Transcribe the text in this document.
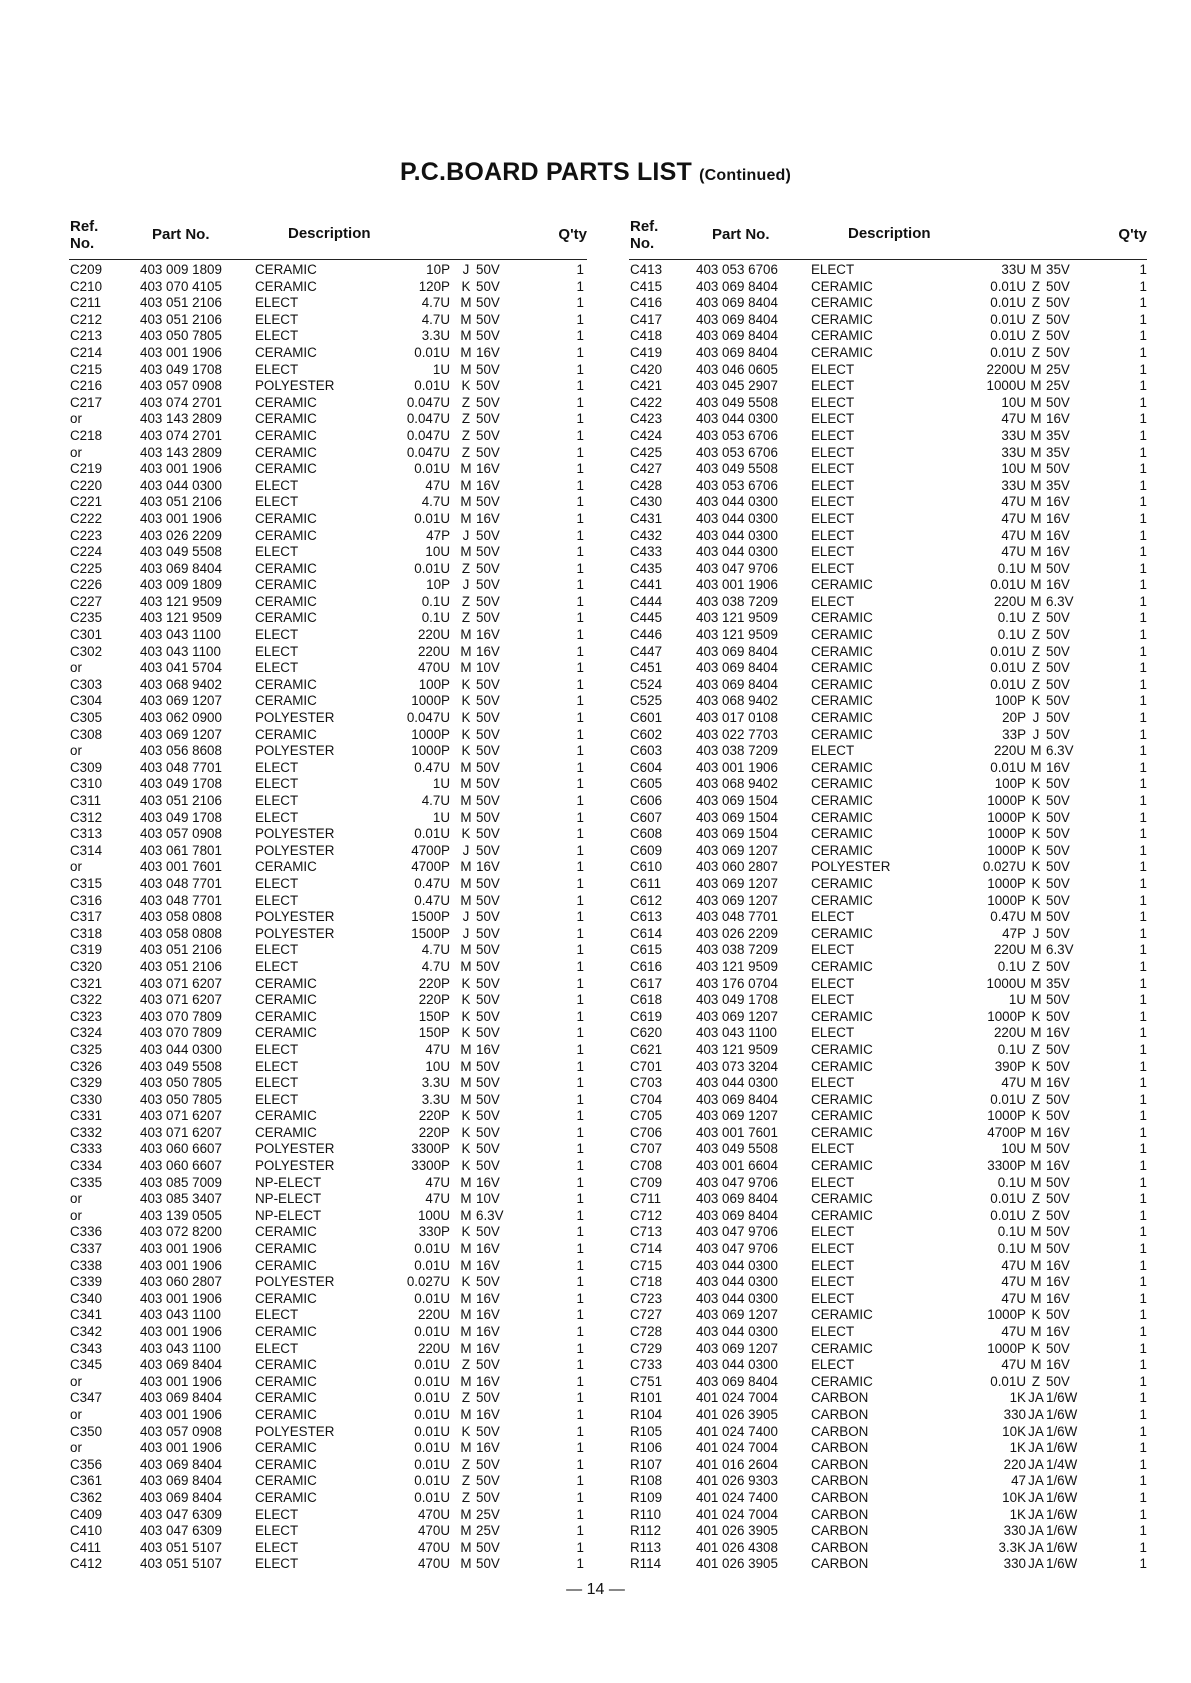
P.C.BOARD PARTS LIST (Continued)
Ref. No.
Part No.	Description	Q'ty
C209	403 009 1809 CERAMIC	10P J 50V	1
C210	403 070 4105 CERAMIC	120P K 50V	1
C211	403 051 2106 ELECT	4.7U M 50V	1
C212	403 051 2106 ELECT	4.7U M 50V	1
C213	403 050 7805 ELECT	3.3U M 50V	1
C214	403 001 1906 CERAMIC	0.01U M 16V	1
C215	403 049 1708 ELECT	1U M 50V	1
C216	403 057 0908 POLYESTER	0.01U K 50V	1
C217	403 074 2701 CERAMIC	0.047U Z 50V	1
or	403 143 2809 CERAMIC	0.047U Z 50V	1
C218	403 074 2701 CERAMIC	0.047U Z 50V	1
or	403 143 2809 CERAMIC	0.047U Z 50V	1
C219	403 001 1906 CERAMIC	0.01U M 16V	1
C220	403 044 0300 ELECT	47U M 16V	1
C221	403 051 2106 ELECT	4.7U M 50V	1
C222	403 001 1906 CERAMIC	0.01U M 16V	1
C223	403 026 2209 CERAMIC	47P J 50V	1
C224	403 049 5508 ELECT	10U M 50V	1
C225	403 069 8404 CERAMIC	0.01U Z 50V	1
C226	403 009 1809 CERAMIC	10P J 50V	1
C227	403 121 9509 CERAMIC	0.1U Z 50V	1
C235	403 121 9509 CERAMIC	0.1U Z 50V	1
C301	403 043 1100	ELECT	220U M 16V	1
C302	403 043 1100	ELECT	220U M 16V	1
or	403 041 5704 ELECT	470U M 10V	1
C303	403 068 9402 CERAMIC	100P K 50V	1
C304	403 069 1207 CERAMIC	1000P K 50V	1
C305	403 062 0900 POLYESTER	0.047U K 50V	1
C308	403 069 1207 CERAMIC	1000P K 50V	1
or	403 056 8608 POLYESTER	1000P K 50V	1
C309	403 048 7701 ELECT	0.47U M 50V	1
C310	403 049 1708 ELECT	1U M 50V	1
C311	403 051 2106 ELECT	4.7U M 50V	1
C312	403 049 1708 ELECT	1U M 50V	1
C313	403 057 0908 POLYESTER	0.01U K 50V	1
C314	403 061 7801 POLYESTER	4700P J 50V	1
or	403 001 7601 CERAMIC	4700P M 16V	1
C315	403 048 7701 ELECT	0.47U M 50V	1
C316	403 048 7701 ELECT	0.47U M 50V	1
C317	403 058 0808 POLYESTER	1500P J 50V	1
C318	403 058 0808 POLYESTER	1500P J 50V	1
C319	403 051 2106 ELECT	4.7U M 50V	1
C320	403 051 2106 ELECT	4.7U M 50V	1
C321	403 071 6207 CERAMIC	220P K 50V	1
C322	403 071 6207 CERAMIC	220P K 50V	1
C323	403 070 7809 CERAMIC	150P K 50V	1
C324	403 070 7809 CERAMIC	150P K 50V	1
C325	403 044 0300 ELECT	47U M 16V	1
C326	403 049 5508 ELECT	10U M 50V	1
C329	403 050 7805 ELECT	3.3U M 50V	1
C330	403 050 7805 ELECT	3.3U M 50V	1
C331	403 071 6207 CERAMIC	220P K 50V	1
C332	403 071 6207 CERAMIC	220P K 50V	1
C333	403 060 6607 POLYESTER	3300P K 50V	1
C334	403 060 6607 POLYESTER	3300P K 50V	1
C335	403 085 7009 NP-ELECT	47U M 16V	1
or	403 085 3407 NP-ELECT	47U M 10V	1
or	403 139 0505 NP-ELECT	100U M 6.3V	1
C336	403 072 8200 CERAMIC	330P K 50V	1
C337	403 001 1906 CERAMIC	0.01U M 16V	1
C338	403 001 1906 CERAMIC	0.01U M 16V	1
C339	403 060 2807 POLYESTER	0.027U K 50V	1
C340	403 001 1906 CERAMIC	0.01U M 16V	1
C341	403 043 1100	ELECT	220U M 16V	1
C342	403 001 1906 CERAMIC	0.01U M 16V	1
C343	403 043 1100	ELECT	220U M 16V	1
C345	403 069 8404 CERAMIC	0.01U Z 50V	1
or	403 001 1906 CERAMIC	0.01U M 16V	1
C347	403 069 8404 CERAMIC	0.01U Z 50V	1
or	403 001 1906 CERAMIC	0.01U M 16V	1
C350	403 057 0908 POLYESTER	0.01U K 50V	1
or	403 001 1906 CERAMIC	0.01U M 16V	1
C356	403 069 8404 CERAMIC	0.01U Z 50V	1
C361	403 069 8404 CERAMIC	0.01U Z 50V	1
C362	403 069 8404 CERAMIC	0.01U Z 50V	1
C409	403 047 6309 ELECT	470U M 25V	1
C410	403 047 6309 ELECT	470U M 25V	1
C411	403 051 5107 ELECT	470U M 50V	1
C412	403 051 5107 ELECT	470U M 50V	1
Ref. No.
Part No.	Description	Q'ty
C413	403 053 6706 ELECT	33U M 35V	1
C415	403 069 8404 CERAMIC	0.01U Z 50V	1
C416	403 069 8404 CERAMIC	0.01U Z 50V	1
C417	403 069 8404 CERAMIC	0.01U Z 50V	1
C418	403 069 8404 CERAMIC	0.01U Z 50V	1
C419	403 069 8404 CERAMIC	0.01U Z 50V	1
C420	403 046 0605 ELECT	2200U M 25V	1
C421	403 045 2907 ELECT	1000U M 25V	1
C422	403 049 5508 ELECT	10U M 50V	1
C423	403 044 0300 ELECT	47U M 16V	1
C424	403 053 6706 ELECT	33U M 35V	1
C425	403 053 6706 ELECT	33U M 35V	1
C427	403 049 5508 ELECT	10U M 50V	1
C428	403 053 6706 ELECT	33U M 35V	1
C430	403 044 0300 ELECT	47U M 16V	1
C431	403 044 0300 ELECT	47U M 16V	1
C432	403 044 0300 ELECT	47U M 16V	1
C433	403 044 0300 ELECT	47U M 16V	1
C435	403 047 9706 ELECT	0.1U M 50V	1
C441	403 001 1906 CERAMIC	0.01U M 16V	1
C444	403 038 7209 ELECT	220U M 6.3V	1
C445	403 121 9509 CERAMIC	0.1U Z 50V	1
C446	403 121 9509 CERAMIC	0.1U Z 50V	1
C447	403 069 8404 CERAMIC	0.01U Z 50V	1
C451	403 069 8404 CERAMIC	0.01U Z 50V	1
C524	403 069 8404 CERAMIC	0.01U Z 50V	1
C525	403 068 9402 CERAMIC	100P K 50V	1
C601	403 017 0108 CERAMIC	20P J 50V	1
C602	403 022 7703 CERAMIC	33P J 50V	1
C603	403 038 7209 ELECT	220U M 6.3V	1
C604	403 001 1906 CERAMIC	0.01U M 16V	1
C605	403 068 9402 CERAMIC	100P K 50V	1
C606	403 069 1504 CERAMIC	1000P K 50V	1
C607	403 069 1504 CERAMIC	1000P K 50V	1
C608	403 069 1504 CERAMIC	1000P K 50V	1
C609	403 069 1207 CERAMIC	1000P K 50V	1
C610	403 060 2807 POLYESTER	0.027U K 50V	1
C611	403 069 1207 CERAMIC	1000P K 50V	1
C612	403 069 1207 CERAMIC	1000P K 50V	1
C613	403 048 7701 ELECT	0.47U M 50V	1
C614	403 026 2209 CERAMIC	47P J 50V	1
C615	403 038 7209 ELECT	220U M 6.3V	1
C616	403 121 9509 CERAMIC	0.1U Z 50V	1
C617	403 176 0704 ELECT	1000U M 35V	1
C618	403 049 1708 ELECT	1U M 50V	1
C619	403 069 1207 CERAMIC	1000P K 50V	1
C620	403 043 1100	ELECT	220U M 16V	1
C621	403 121 9509 CERAMIC	0.1U Z 50V	1
C701	403 073 3204 CERAMIC	390P K 50V	1
C703	403 044 0300 ELECT	47U M 16V	1
C704	403 069 8404 CERAMIC	0.01U Z 50V	1
C705	403 069 1207 CERAMIC	1000P K 50V	1
C706	403 001 7601 CERAMIC	4700P M 16V	1
C707	403 049 5508 ELECT	10U M 50V	1
C708	403 001 6604 CERAMIC	3300P M 16V	1
C709	403 047 9706 ELECT	0.1U M 50V	1
C711	403 069 8404 CERAMIC	0.01U Z 50V	1
C712	403 069 8404 CERAMIC	0.01U Z 50V	1
C713	403 047 9706 ELECT	0.1U M 50V	1
C714	403 047 9706 ELECT	0.1U M 50V	1
C715	403 044 0300 ELECT	47U M 16V	1
C718	403 044 0300 ELECT	47U M 16V	1
C723	403 044 0300 ELECT	47U M 16V	1
C727	403 069 1207 CERAMIC	1000P K 50V	1
C728	403 044 0300 ELECT	47U M 16V	1
C729	403 069 1207 CERAMIC	1000P K 50V	1
C733	403 044 0300 ELECT	47U M 16V	1
C751	403 069 8404 CERAMIC	0.01U Z 50V	1
R101	401 024 7004 CARBON	1K JA 1/6W	1
R104	401 026 3905 CARBON	330 JA 1/6W	1
R105	401 024 7400 CARBON	10K JA 1/6W	1
R106	401 024 7004 CARBON	1K JA 1/6W	1
R107	401 016 2604 CARBON	220 JA 1/4W	1
R108	401 026 9303 CARBON	47 JA 1/6W	1
R109	401 024 7400 CARBON	10K JA 1/6W	1
R110	401 024 7004 CARBON	1K JA 1/6W	1
R112	401 026 3905 CARBON	330 JA 1/6W	1
R113	401 026 4308 CARBON	3.3K JA 1/6W	1
R114	401 026 3905 CARBON	330 JA 1/6W	1
— 14 —
